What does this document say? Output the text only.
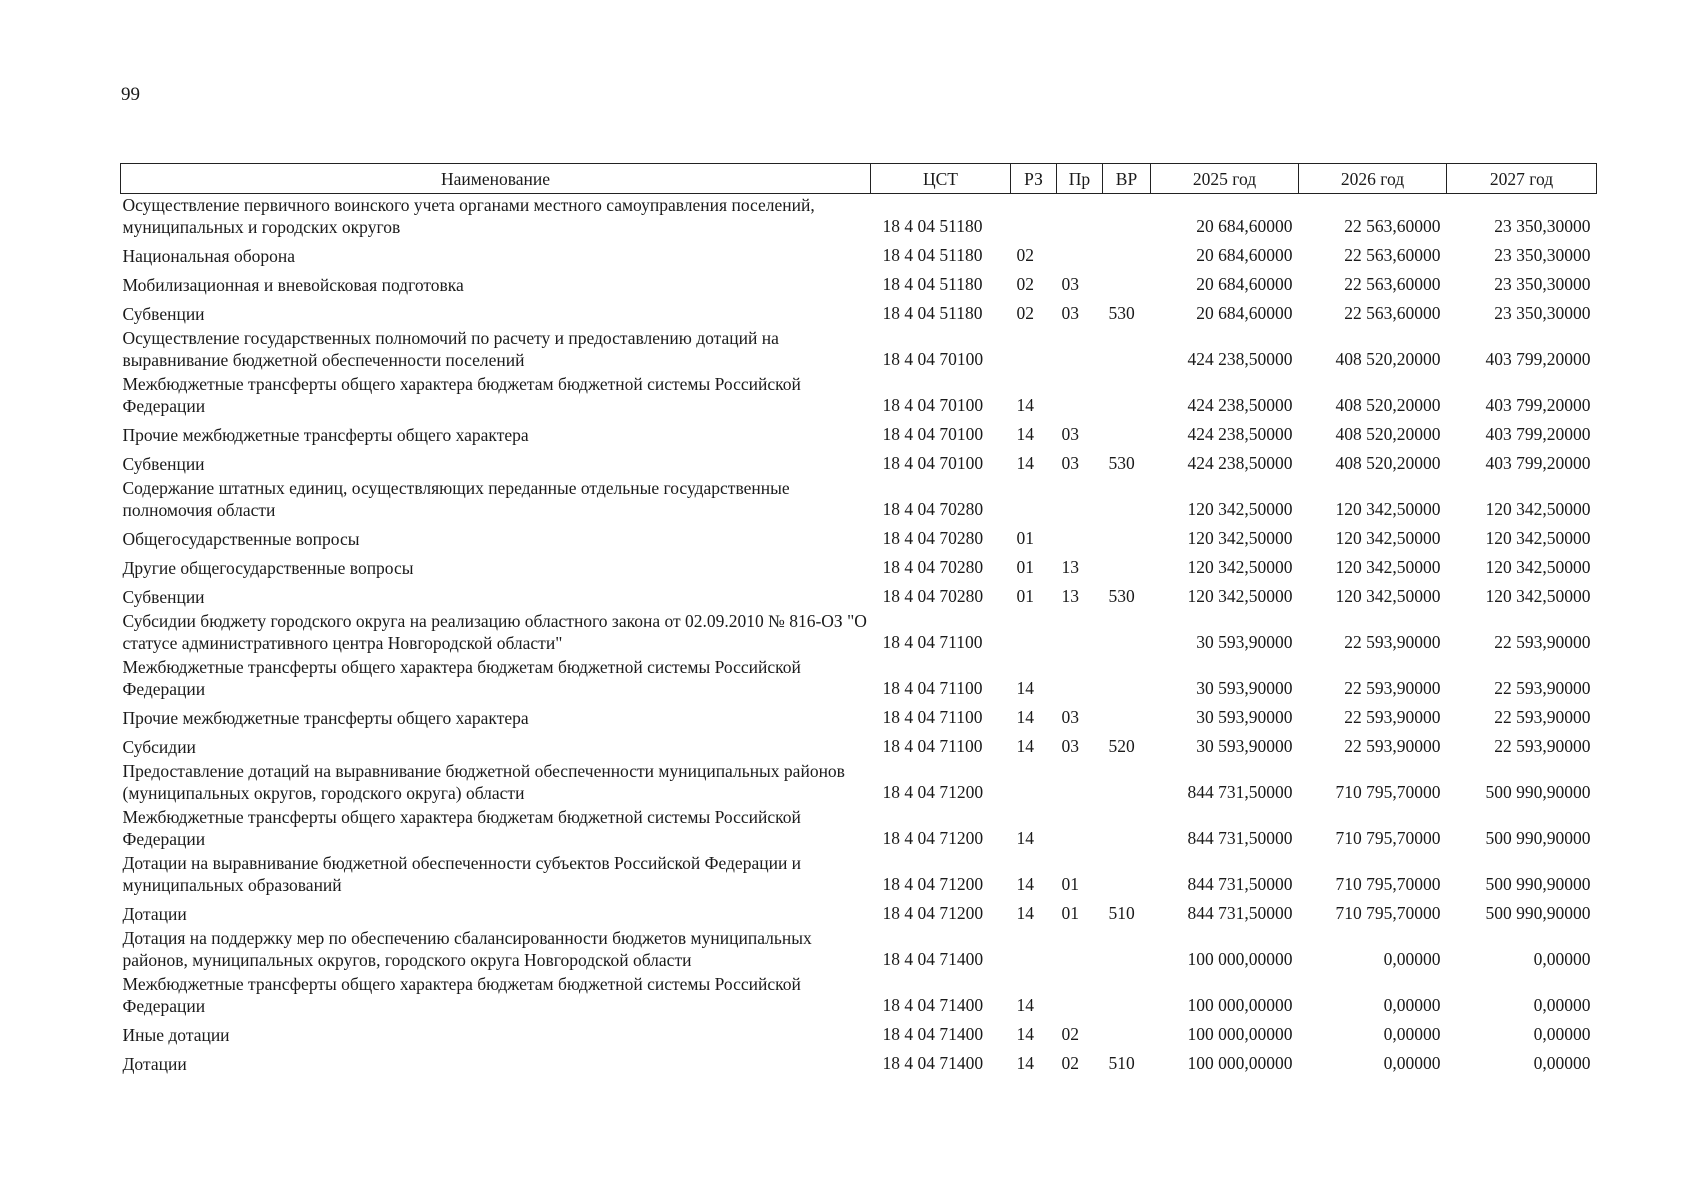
99
Наименование	ЦСТ	РЗ	Пр	ВР	2025 год	2026 год	2027 год
Осуществление первичного воинского учета органами местного самоуправления поселений, муниципальных и городских округов	18 4 04 51180				20 684,60000	22 563,60000	23 350,30000
Национальная оборона	18 4 04 51180	02			20 684,60000	22 563,60000	23 350,30000
Мобилизационная и вневойсковая подготовка	18 4 04 51180	02	03		20 684,60000	22 563,60000	23 350,30000
Субвенции	18 4 04 51180	02	03	530	20 684,60000	22 563,60000	23 350,30000
Осуществление государственных полномочий по расчету и предоставлению дотаций на выравнивание бюджетной обеспеченности поселений	18 4 04 70100				424 238,50000	408 520,20000	403 799,20000
Межбюджетные трансферты общего характера бюджетам бюджетной системы Российской Федерации	18 4 04 70100	14			424 238,50000	408 520,20000	403 799,20000
Прочие межбюджетные трансферты общего характера	18 4 04 70100	14	03		424 238,50000	408 520,20000	403 799,20000
Субвенции	18 4 04 70100	14	03	530	424 238,50000	408 520,20000	403 799,20000
Содержание штатных единиц, осуществляющих переданные отдельные государственные полномочия области	18 4 04 70280				120 342,50000	120 342,50000	120 342,50000
Общегосударственные вопросы	18 4 04 70280	01			120 342,50000	120 342,50000	120 342,50000
Другие общегосударственные вопросы	18 4 04 70280	01	13		120 342,50000	120 342,50000	120 342,50000
Субвенции	18 4 04 70280	01	13	530	120 342,50000	120 342,50000	120 342,50000
Субсидии бюджету городского округа на реализацию областного закона от 02.09.2010 № 816-ОЗ "О статусе административного центра Новгородской области"	18 4 04 71100				30 593,90000	22 593,90000	22 593,90000
Межбюджетные трансферты общего характера бюджетам бюджетной системы Российской Федерации	18 4 04 71100	14			30 593,90000	22 593,90000	22 593,90000
Прочие межбюджетные трансферты общего характера	18 4 04 71100	14	03		30 593,90000	22 593,90000	22 593,90000
Субсидии	18 4 04 71100	14	03	520	30 593,90000	22 593,90000	22 593,90000
Предоставление дотаций на выравнивание бюджетной обеспеченности муниципальных районов (муниципальных округов, городского округа) области	18 4 04 71200				844 731,50000	710 795,70000	500 990,90000
Межбюджетные трансферты общего характера бюджетам бюджетной системы Российской Федерации	18 4 04 71200	14			844 731,50000	710 795,70000	500 990,90000
Дотации на выравнивание бюджетной обеспеченности субъектов Российской Федерации и муниципальных образований	18 4 04 71200	14	01		844 731,50000	710 795,70000	500 990,90000
Дотации	18 4 04 71200	14	01	510	844 731,50000	710 795,70000	500 990,90000
Дотация на поддержку мер по обеспечению сбалансированности бюджетов муниципальных районов, муниципальных округов, городского округа Новгородской области	18 4 04 71400				100 000,00000	0,00000	0,00000
Межбюджетные трансферты общего характера бюджетам бюджетной системы Российской Федерации	18 4 04 71400	14			100 000,00000	0,00000	0,00000
Иные дотации	18 4 04 71400	14	02		100 000,00000	0,00000	0,00000
Дотации	18 4 04 71400	14	02	510	100 000,00000	0,00000	0,00000
